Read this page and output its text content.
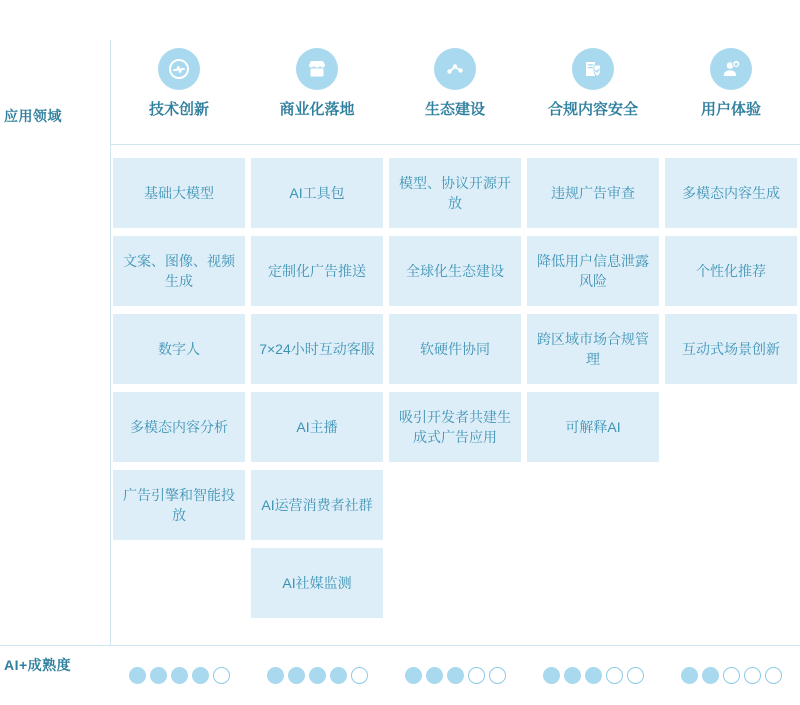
应用领域
AI+成熟度
技术创新
基础大模型
文案、图像、视频生成
数字人
多模态内容分析
广告引擎和智能投放
商业化落地
AI工具包
定制化广告推送
7×24小时互动客服
AI主播
AI运营消费者社群
AI社媒监测
生态建设
模型、协议开源开放
全球化生态建设
软硬件协同
吸引开发者共建生成式广告应用
合规内容安全
违规广告审查
降低用户信息泄露风险
跨区域市场合规管理
可解释AI
用户体验
多模态内容生成
个性化推荐
互动式场景创新
